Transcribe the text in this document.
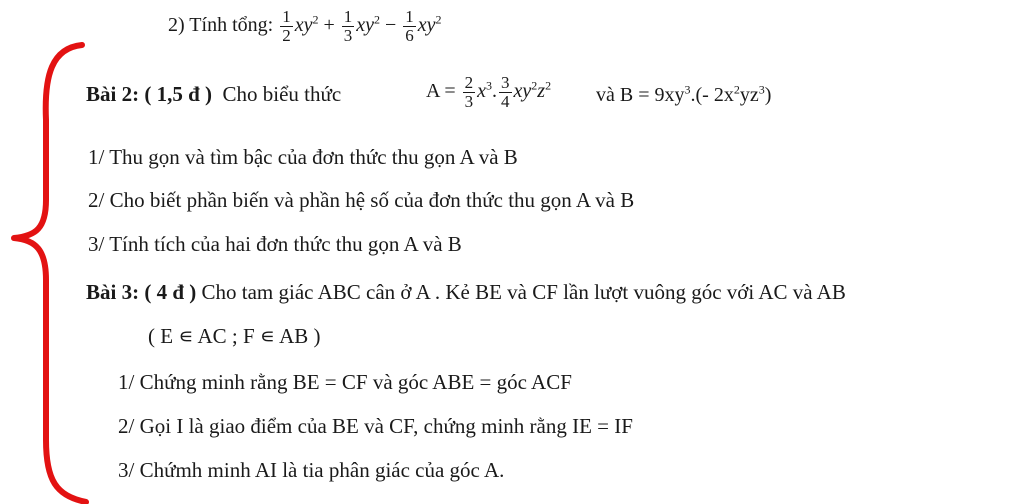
2) Tính tổng: $\frac{1}{2} xy^2 + \frac{1}{3} xy^2 - \frac{1}{6} xy^2$
Bài 2: ( 1,5 đ ) Cho biểu thức	$A = \frac{2}{3} x^3$. $\frac{3}{4} xy^2z^2$ và $B = 9xy^3.(-$ $2x^2yz^3$)
1/ Thu gọn và tìm bậc của đơn thức thu gọn A và B
2/ Cho biết phần biến và phần hệ số của đơn thức thu gọn A và B
3/ Tính tích của hai đơn thức thu gọn A và B
Bài 3: ( 4 đ ) Cho tam giác ABC cân ở A . Kẻ BE và CF lần lượt vuông góc với AC và AB
( E ∊ AC ; F ∊ AB )
1/ Chứng minh rằng BE = CF và góc ABE = góc ACF
2/ Gọi I là giao điểm của BE và CF, chứng minh rằng IE = IF
3/ Chứmh minh AI là tia phân giác của góc A.
